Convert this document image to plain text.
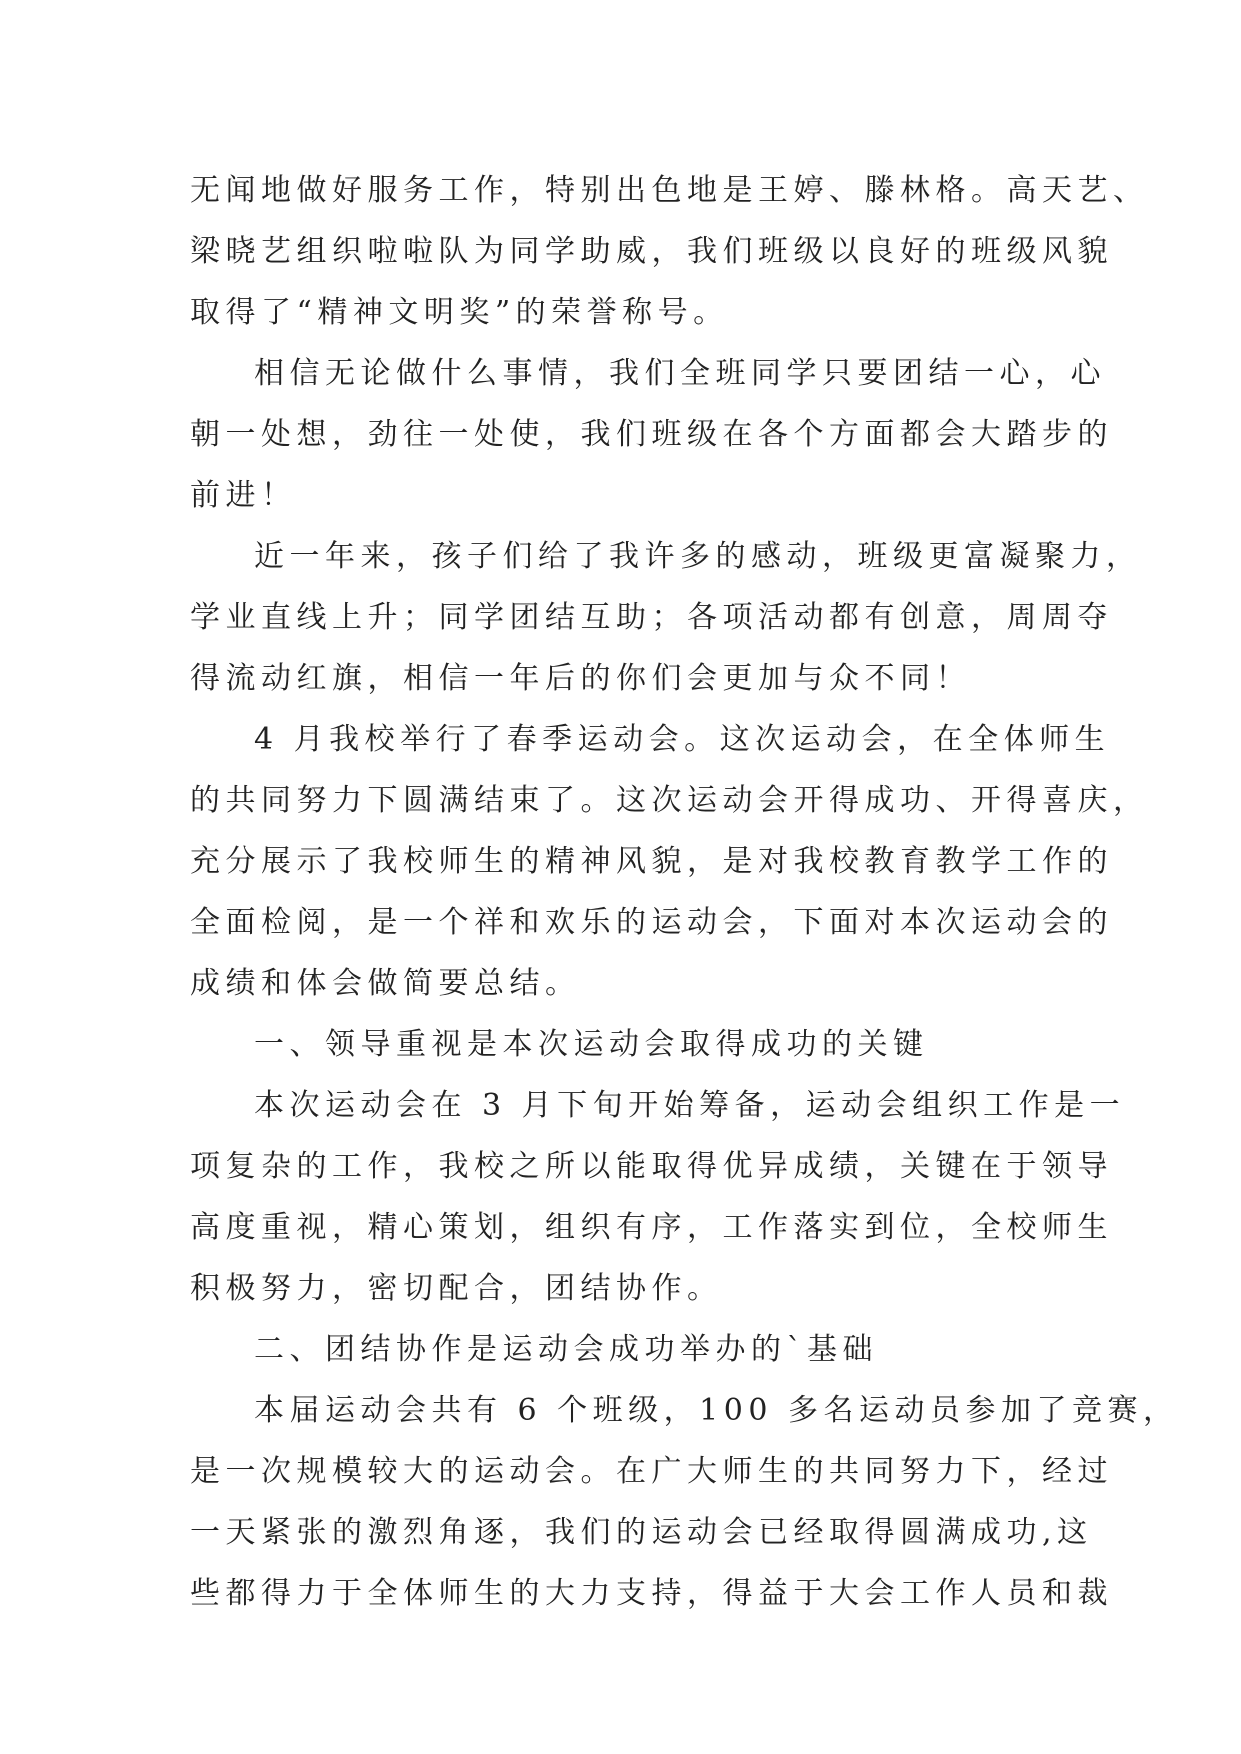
无闻地做好服务工作，特别出色地是王婷、滕林格。高天艺、
梁晓艺组织啦啦队为同学助威，我们班级以良好的班级风貌
取得了“精神文明奖”的荣誉称号。
相信无论做什么事情，我们全班同学只要团结一心，心
朝一处想，劲往一处使，我们班级在各个方面都会大踏步的
前进！
近一年来，孩子们给了我许多的感动，班级更富凝聚力，
学业直线上升；同学团结互助；各项活动都有创意，周周夺
得流动红旗，相信一年后的你们会更加与众不同！
4 月我校举行了春季运动会。这次运动会，在全体师生
的共同努力下圆满结束了。这次运动会开得成功、开得喜庆，
充分展示了我校师生的精神风貌，是对我校教育教学工作的
全面检阅，是一个祥和欢乐的运动会，下面对本次运动会的
成绩和体会做简要总结。
一、领导重视是本次运动会取得成功的关键
本次运动会在 3 月下旬开始筹备，运动会组织工作是一
项复杂的工作，我校之所以能取得优异成绩，关键在于领导
高度重视，精心策划，组织有序，工作落实到位，全校师生
积极努力，密切配合，团结协作。
二、团结协作是运动会成功举办的`基础
本届运动会共有 6 个班级，100 多名运动员参加了竞赛，
是一次规模较大的运动会。在广大师生的共同努力下，经过
一天紧张的激烈角逐，我们的运动会已经取得圆满成功,这
些都得力于全体师生的大力支持，得益于大会工作人员和裁
